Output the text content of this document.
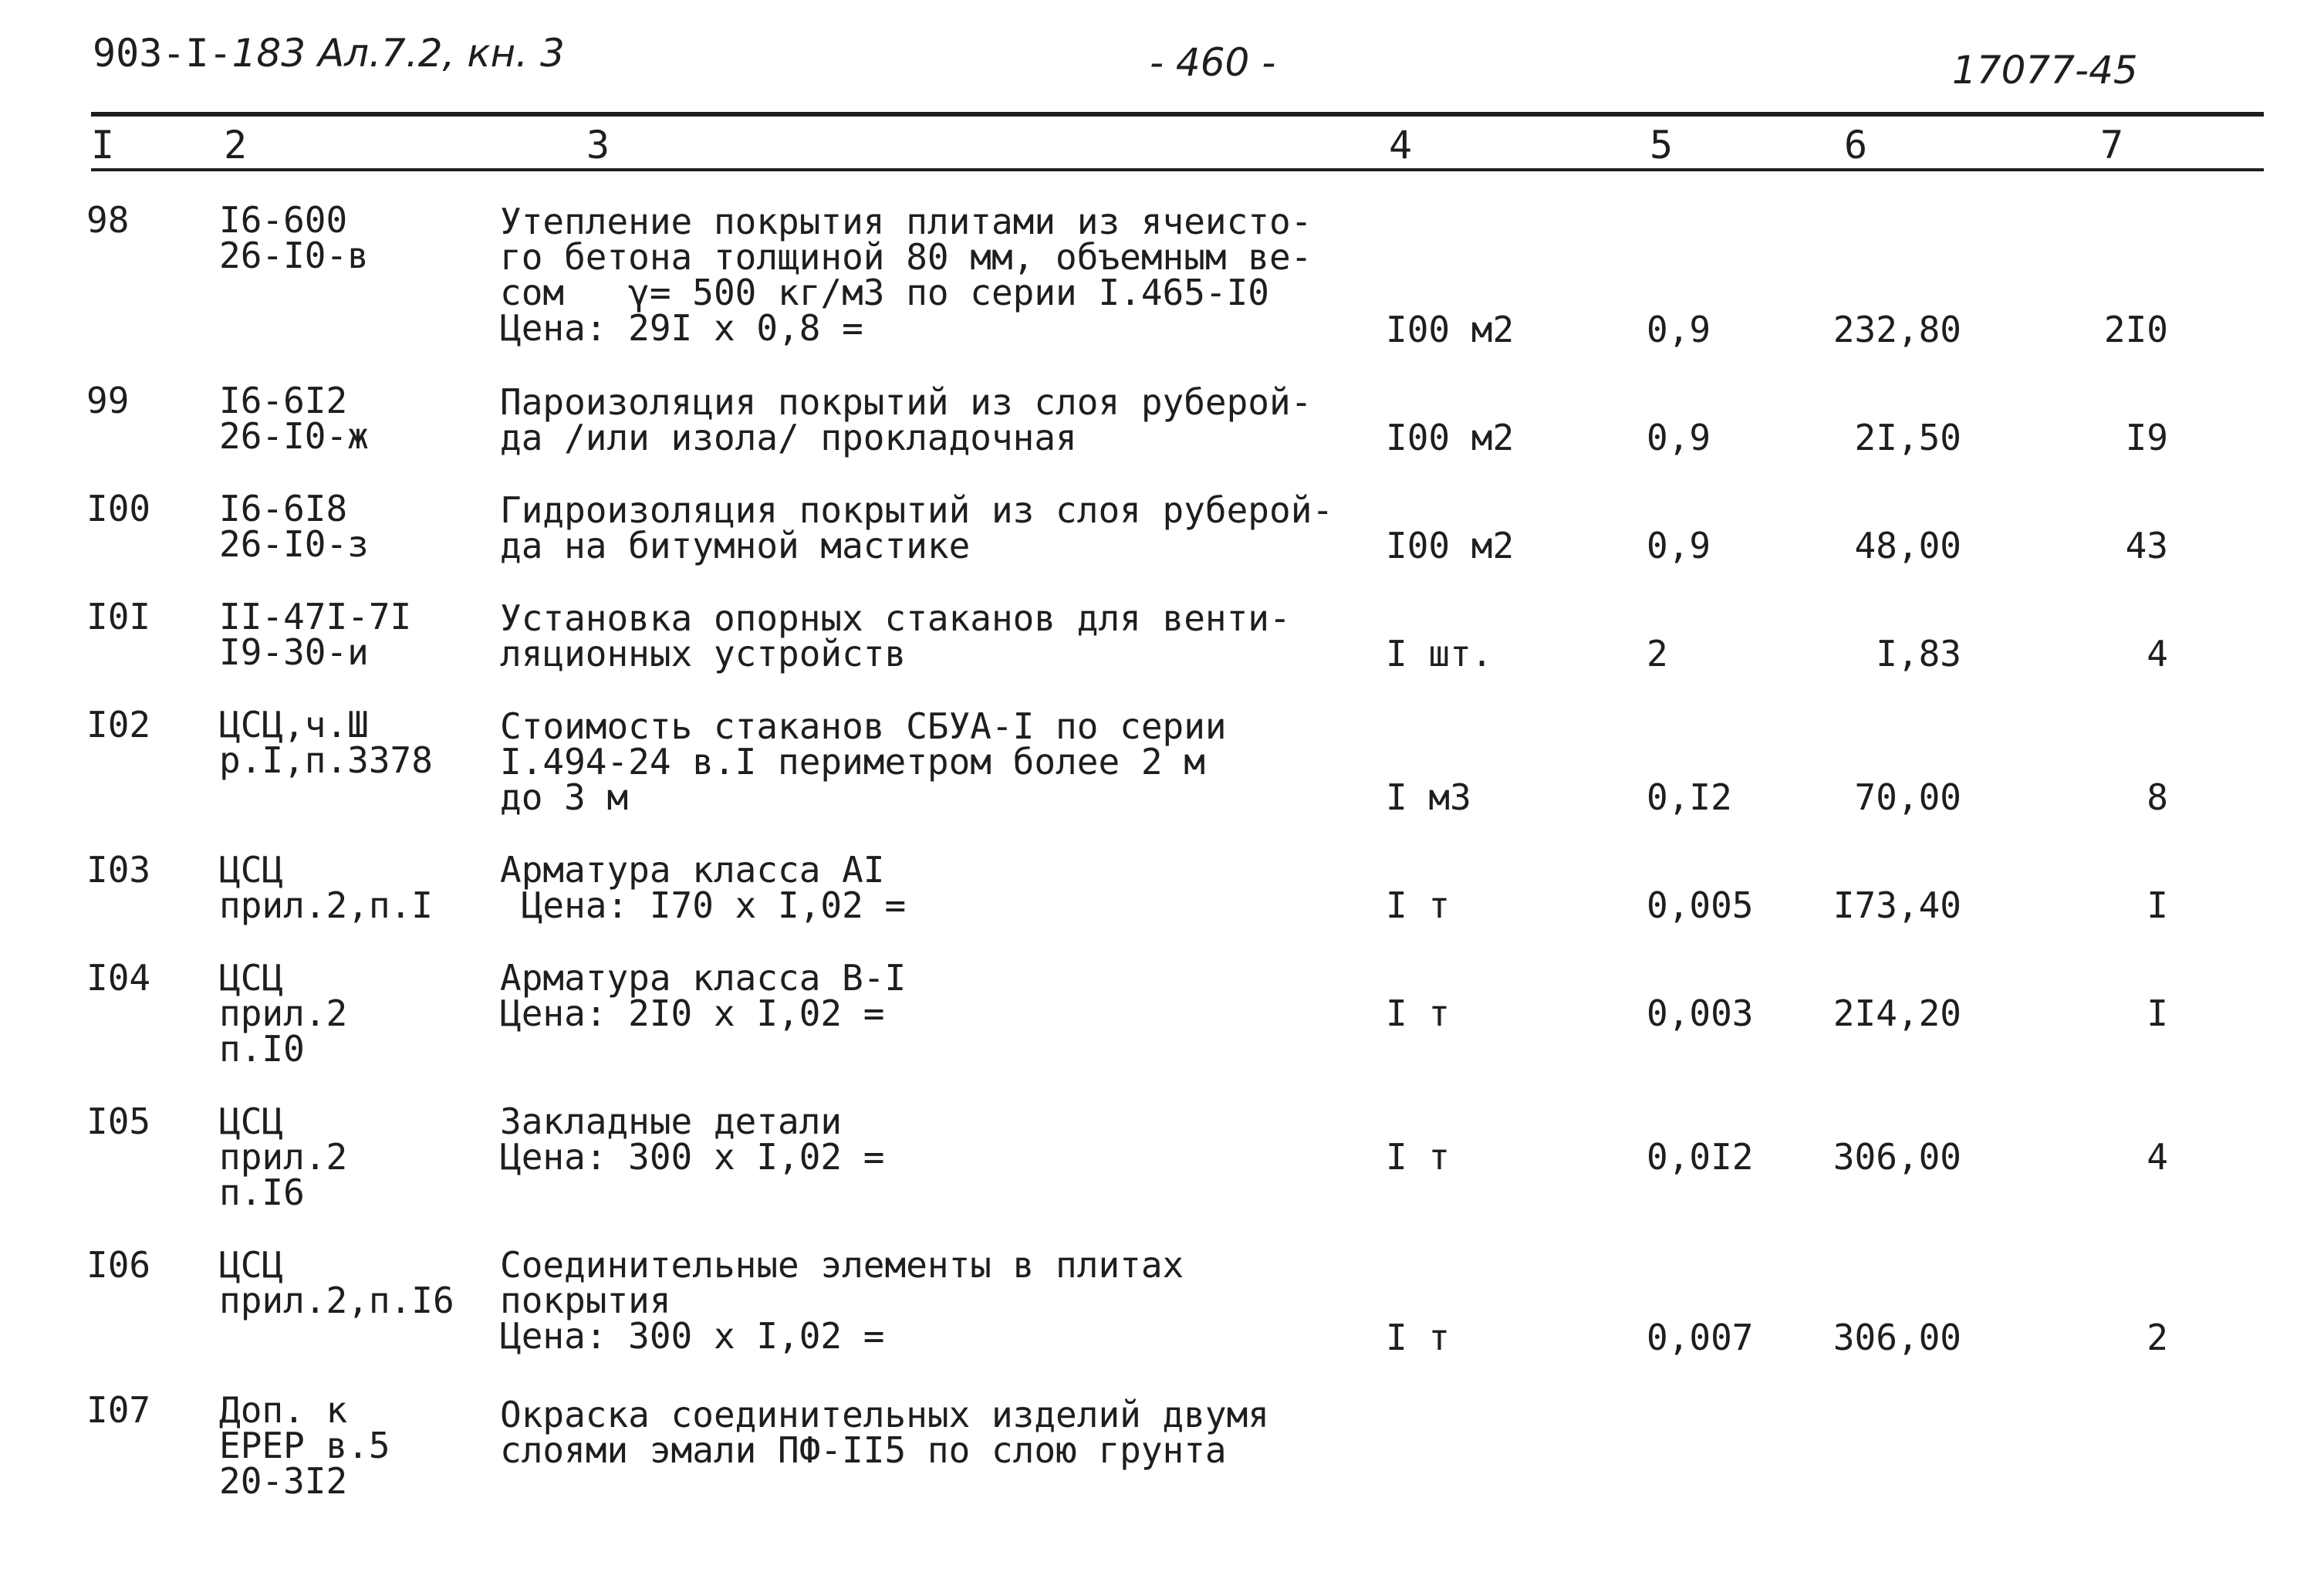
903-I-183 Ал.7.2, кн. 3	- 460 -	17077-45
I	2	3	4	5	6	7
98	I6-600
26-I0-в
Утепление покрытия плитами из ячеисто-
го бетона толщиной 80 мм, объемным ве-
сом   γ= 500 кг/м3 по серии I.465-I0
Цена: 29I х 0,8 =	I00 м2	0,9	232,80	2I0
99	I6-6I2
26-I0-ж
Пароизоляция покрытий из слоя руберой-
да /или изола/ прокладочная	I00 м2	0,9	2I,50	I9
I00 I6-6I8
26-I0-з
Гидроизоляция покрытий из слоя руберой-
да на битумной мастике	I00 м2	0,9	48,00	43
I0I II-47I-7I
I9-30-и
Установка опорных стаканов для венти-
ляционных устройств	I шт.	2	I,83	4
I02 ЦСЦ,ч.Ш
р.I,п.3378
Стоимость стаканов СБУА-I по серии
I.494-24 в.I периметром более 2 м
до 3 м	I м3	0,I2	70,00	8
I03 ЦСЦ
прил.2,п.I
Арматура класса АI
Цена: I70 х I,02 =	I т	0,005 I73,40	I
I04 ЦСЦ
прил.2
п.I0
Арматура класса В-I
Цена: 2I0 х I,02 =	I т	0,003 2I4,20	I
I05 ЦСЦ
прил.2
п.I6
Закладные детали
Цена: 300 х I,02 =	I т	0,0I2 306,00	4
I06 ЦСЦ
прил.2,п.I6
Соединительные элементы в плитах
покрытия
Цена: 300 х I,02 =	I т	0,007 306,00	2
I07 Доп. к
ЕРЕР в.5
20-3I2
Окраска соединительных изделий двумя
слоями эмали ПФ-II5 по слою грунта
